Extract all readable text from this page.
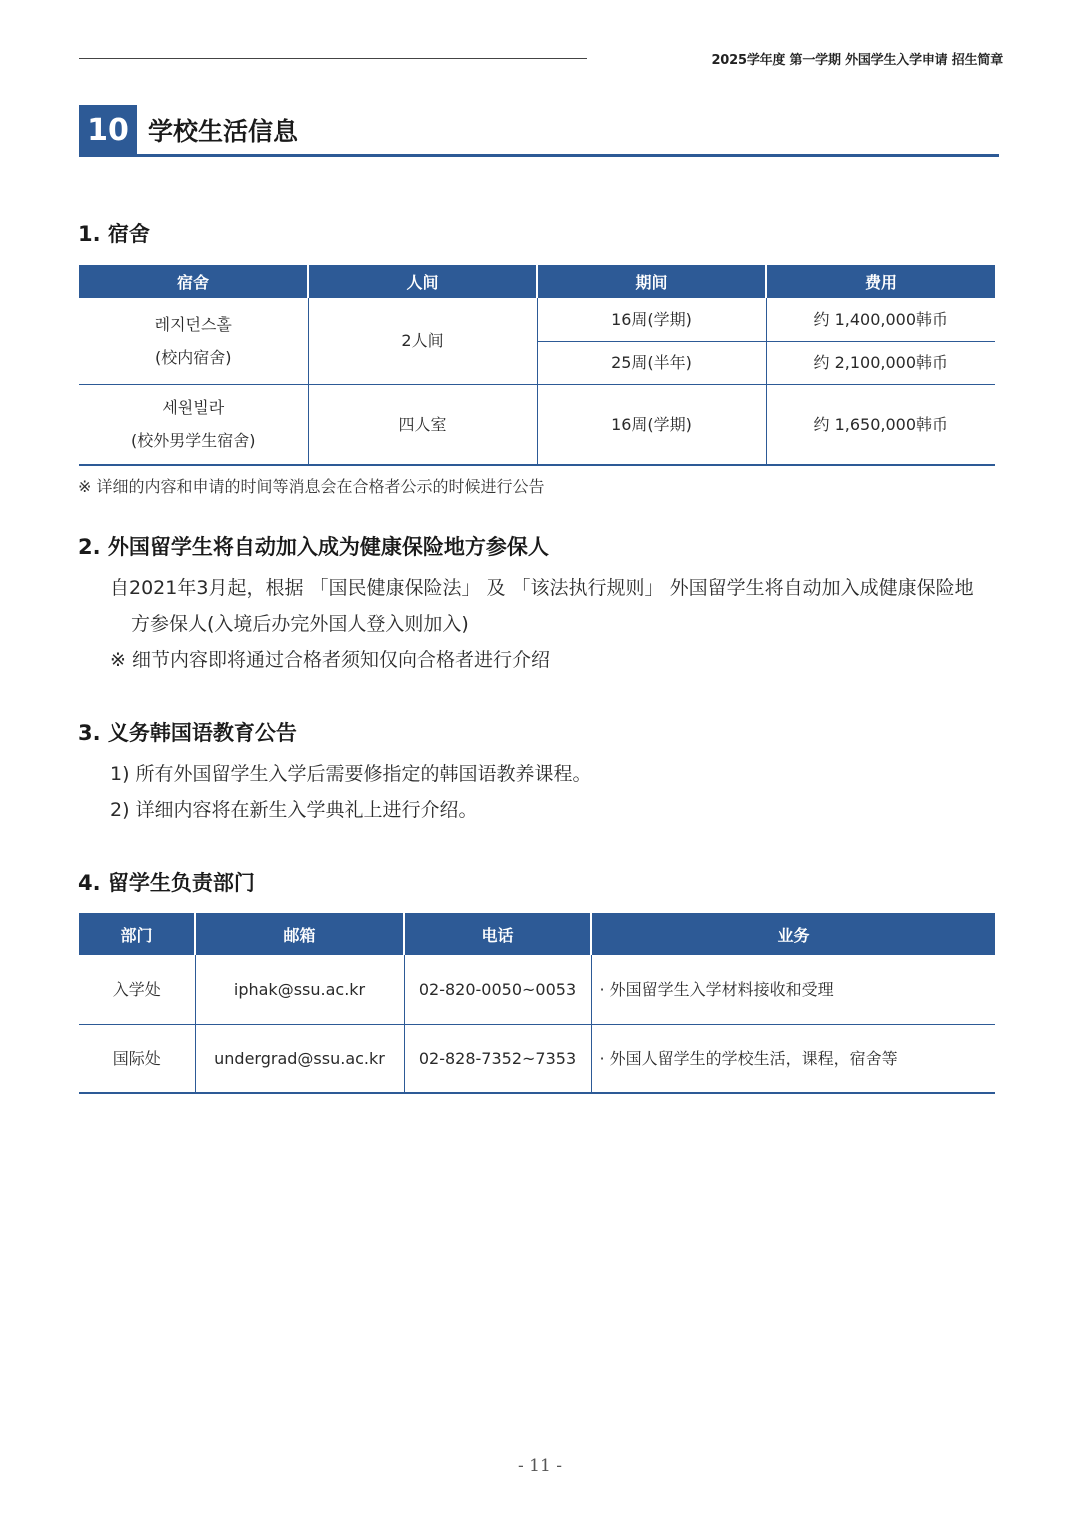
2025学年度 第一学期 外国学生入学申请 招生简章
10 学校生活信息
1. 宿舍
宿舍	人间	期间	费用

레지던스홀
(校内宿舍)	2人间	16周(学期)	约 1,400,000韩币
		25周(半年)	约 2,100,000韩币

세원빌라
(校外男学生宿舍)	四人室	16周(学期)	约 1,650,000韩币
※ 详细的内容和申请的时间等消息会在合格者公示的时候进行公告
2. 外国留学生将自动加入成为健康保险地方参保人
自2021年3月起，根据 「国民健康保险法」 及 「该法执行规则」 外国留学生将自动加入成健康保险地
方参保人(入境后办完外国人登入则加入)
※ 细节内容即将通过合格者须知仅向合格者进行介绍
3. 义务韩国语教育公告
1) 所有外国留学生入学后需要修指定的韩国语教养课程。
2) 详细内容将在新生入学典礼上进行介绍。
4. 留学生负责部门
部门	邮箱	电话	业务
入学处	iphak@ssu.ac.kr	02-820-0050~0053	· 外国留学生入学材料接收和受理
国际处	undergrad@ssu.ac.kr	02-828-7352~7353	· 外国人留学生的学校生活，课程，宿舍等
- 11 -
